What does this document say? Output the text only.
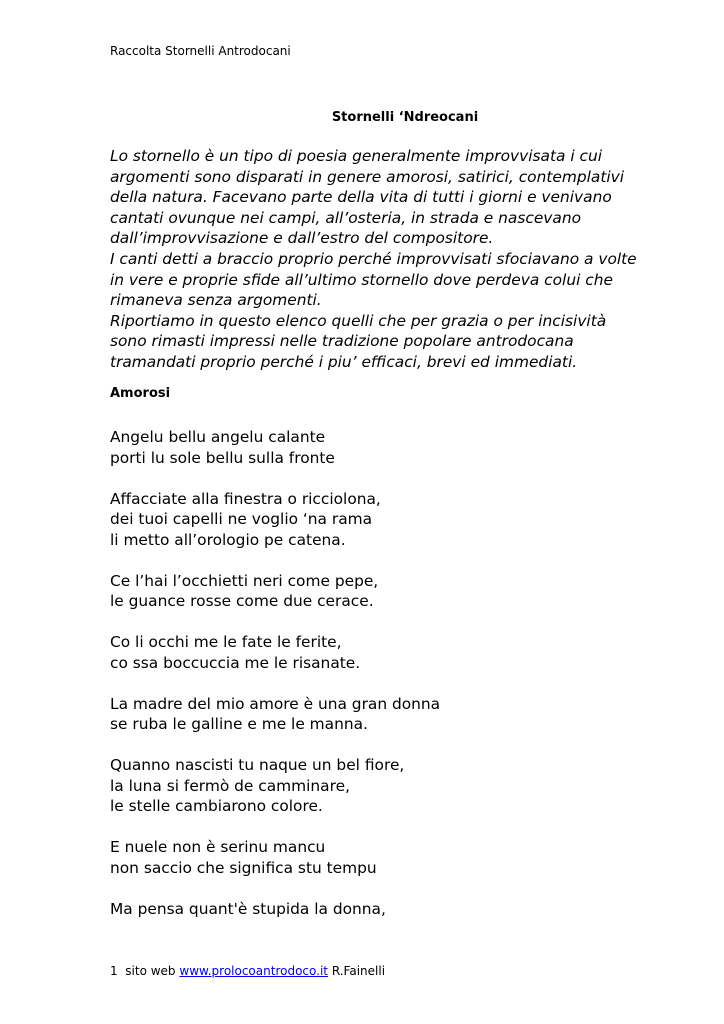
Raccolta Stornelli Antrodocani
Stornelli ‘Ndreocani
Lo stornello è un tipo di poesia generalmente improvvisata i cui
argomenti sono disparati in genere amorosi, satirici, contemplativi
della natura. Facevano parte della vita di tutti i giorni e venivano
cantati ovunque nei campi, all’osteria, in strada e nascevano
dall’improvvisazione e dall’estro del compositore.
I canti detti a braccio proprio perché improvvisati sfociavano a volte
in vere e proprie sfide all’ultimo stornello dove perdeva colui che
rimaneva senza argomenti.
Riportiamo in questo elenco quelli che per grazia o per incisività
sono rimasti impressi nelle tradizione popolare antrodocana
tramandati proprio perché i piu’ efficaci, brevi ed immediati.
Amorosi
Angelu bellu angelu calante
porti lu sole bellu sulla fronte
Affacciate alla finestra o ricciolona,
dei tuoi capelli ne voglio ‘na rama
li metto all’orologio pe catena.
Ce l’hai l’occhietti neri come pepe,
le guance rosse come due cerace.
Co li occhi me le fate le ferite,
co ssa boccuccia me le risanate.
La madre del mio amore è una gran donna
se ruba le galline e me le manna.
Quanno nascisti tu naque un bel fiore,
la luna si fermò de camminare,
le stelle cambiarono colore.
E nuele non è serinu mancu
non saccio che significa stu tempu
Ma pensa quant'è stupida la donna,
1 sito web www.prolocoantrodoco.it R.Fainelli
